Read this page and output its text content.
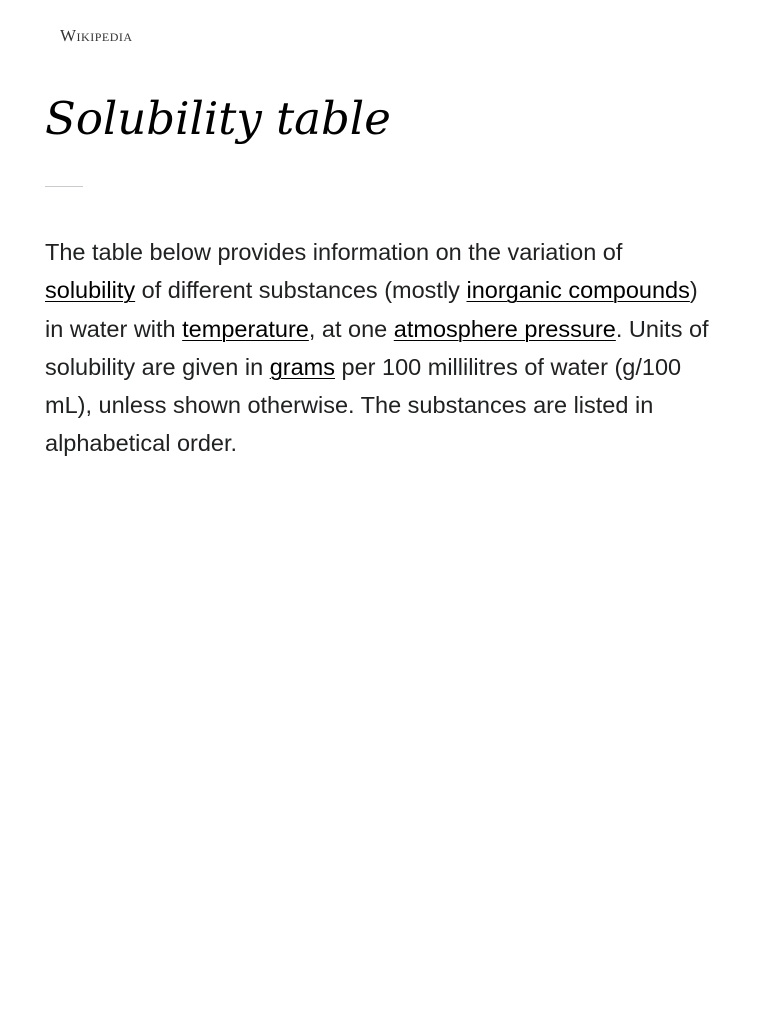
Wikipedia
Solubility table

The table below provides information on the variation of solubility of different substances (mostly inorganic compounds) in water with temperature, at one atmosphere pressure. Units of solubility are given in grams per 100 millilitres of water (g/100 mL), unless shown otherwise. The substances are listed in alphabetical order.
